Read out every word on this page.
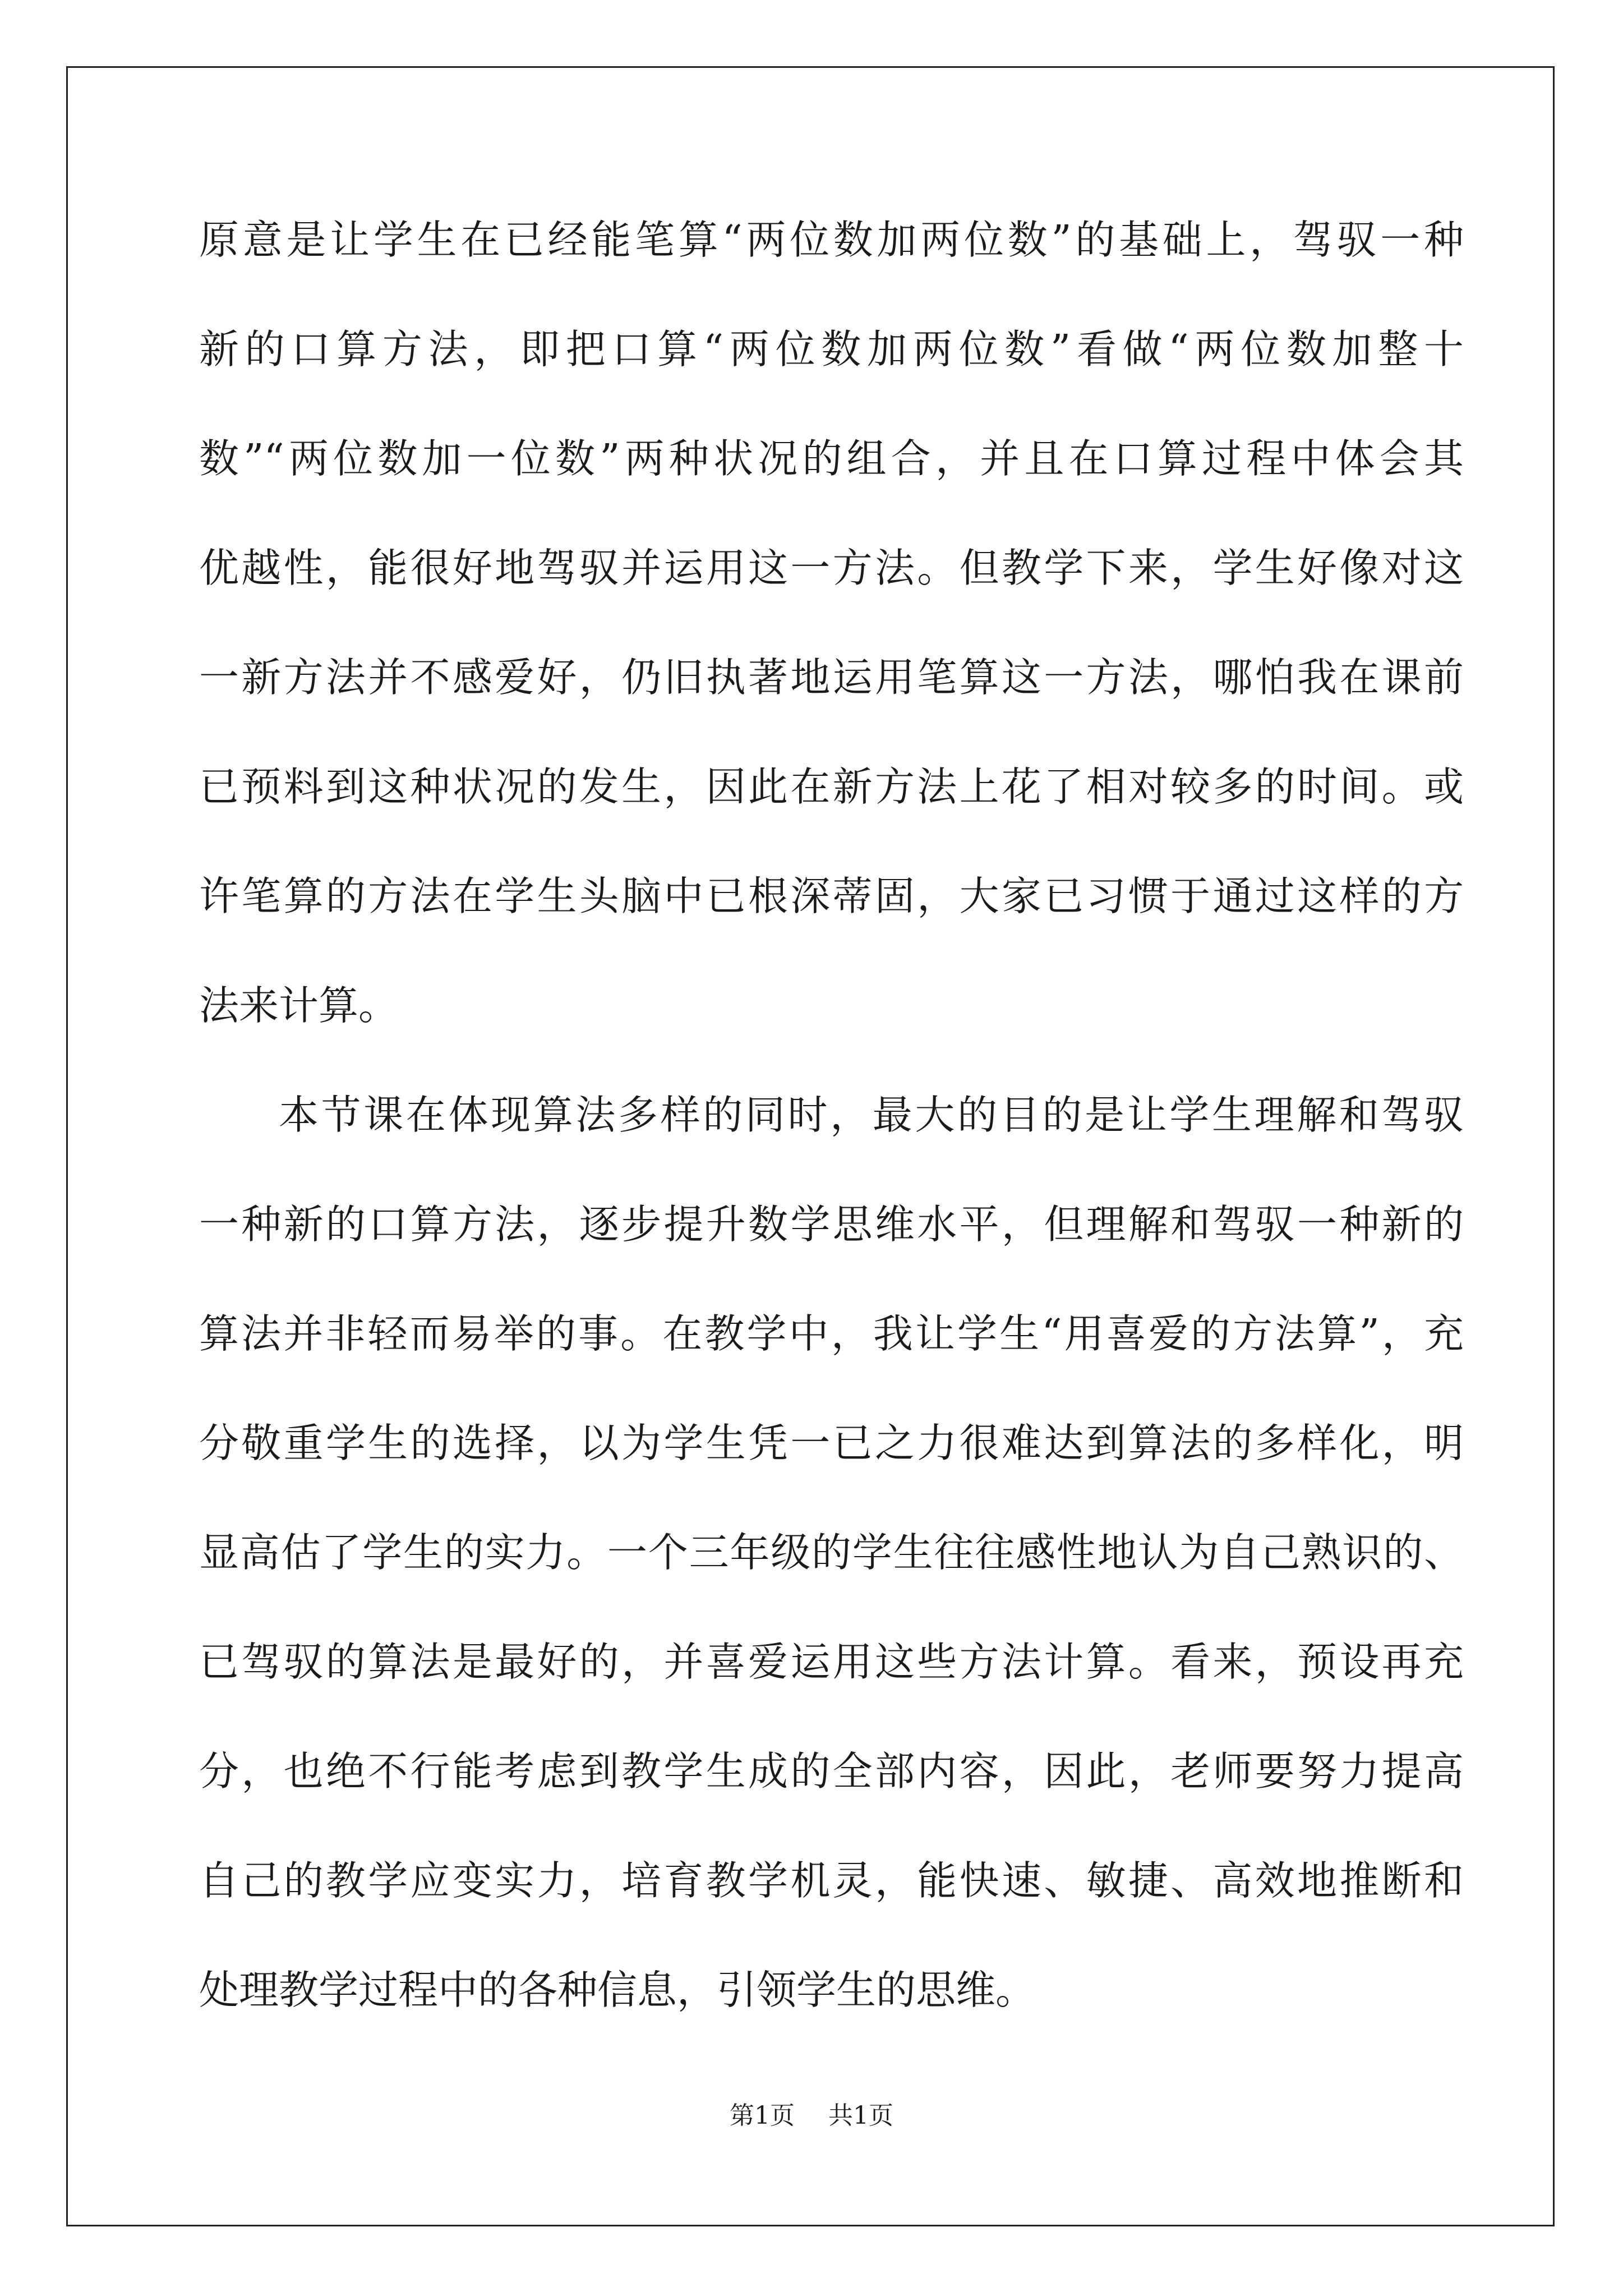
原意是让学生在已经能笔算“两位数加两位数”的基础上，驾驭一种
新的口算方法，即把口算“两位数加两位数”看做“两位数加整十
数”“两位数加一位数”两种状况的组合，并且在口算过程中体会其
优越性，能很好地驾驭并运用这一方法。但教学下来，学生好像对这
一新方法并不感爱好，仍旧执著地运用笔算这一方法，哪怕我在课前
已预料到这种状况的发生，因此在新方法上花了相对较多的时间。或
许笔算的方法在学生头脑中已根深蒂固，大家已习惯于通过这样的方
法来计算。
本节课在体现算法多样的同时，最大的目的是让学生理解和驾驭
一种新的口算方法，逐步提升数学思维水平，但理解和驾驭一种新的
算法并非轻而易举的事。在教学中，我让学生“用喜爱的方法算”，充
分敬重学生的选择，以为学生凭一已之力很难达到算法的多样化，明
显高估了学生的实力。一个三年级的学生往往感性地认为自己熟识的、
已驾驭的算法是最好的，并喜爱运用这些方法计算。看来，预设再充
分，也绝不行能考虑到教学生成的全部内容，因此，老师要努力提高
自己的教学应变实力，培育教学机灵，能快速、敏捷、高效地推断和
处理教学过程中的各种信息，引领学生的思维。
第1页 共1页
